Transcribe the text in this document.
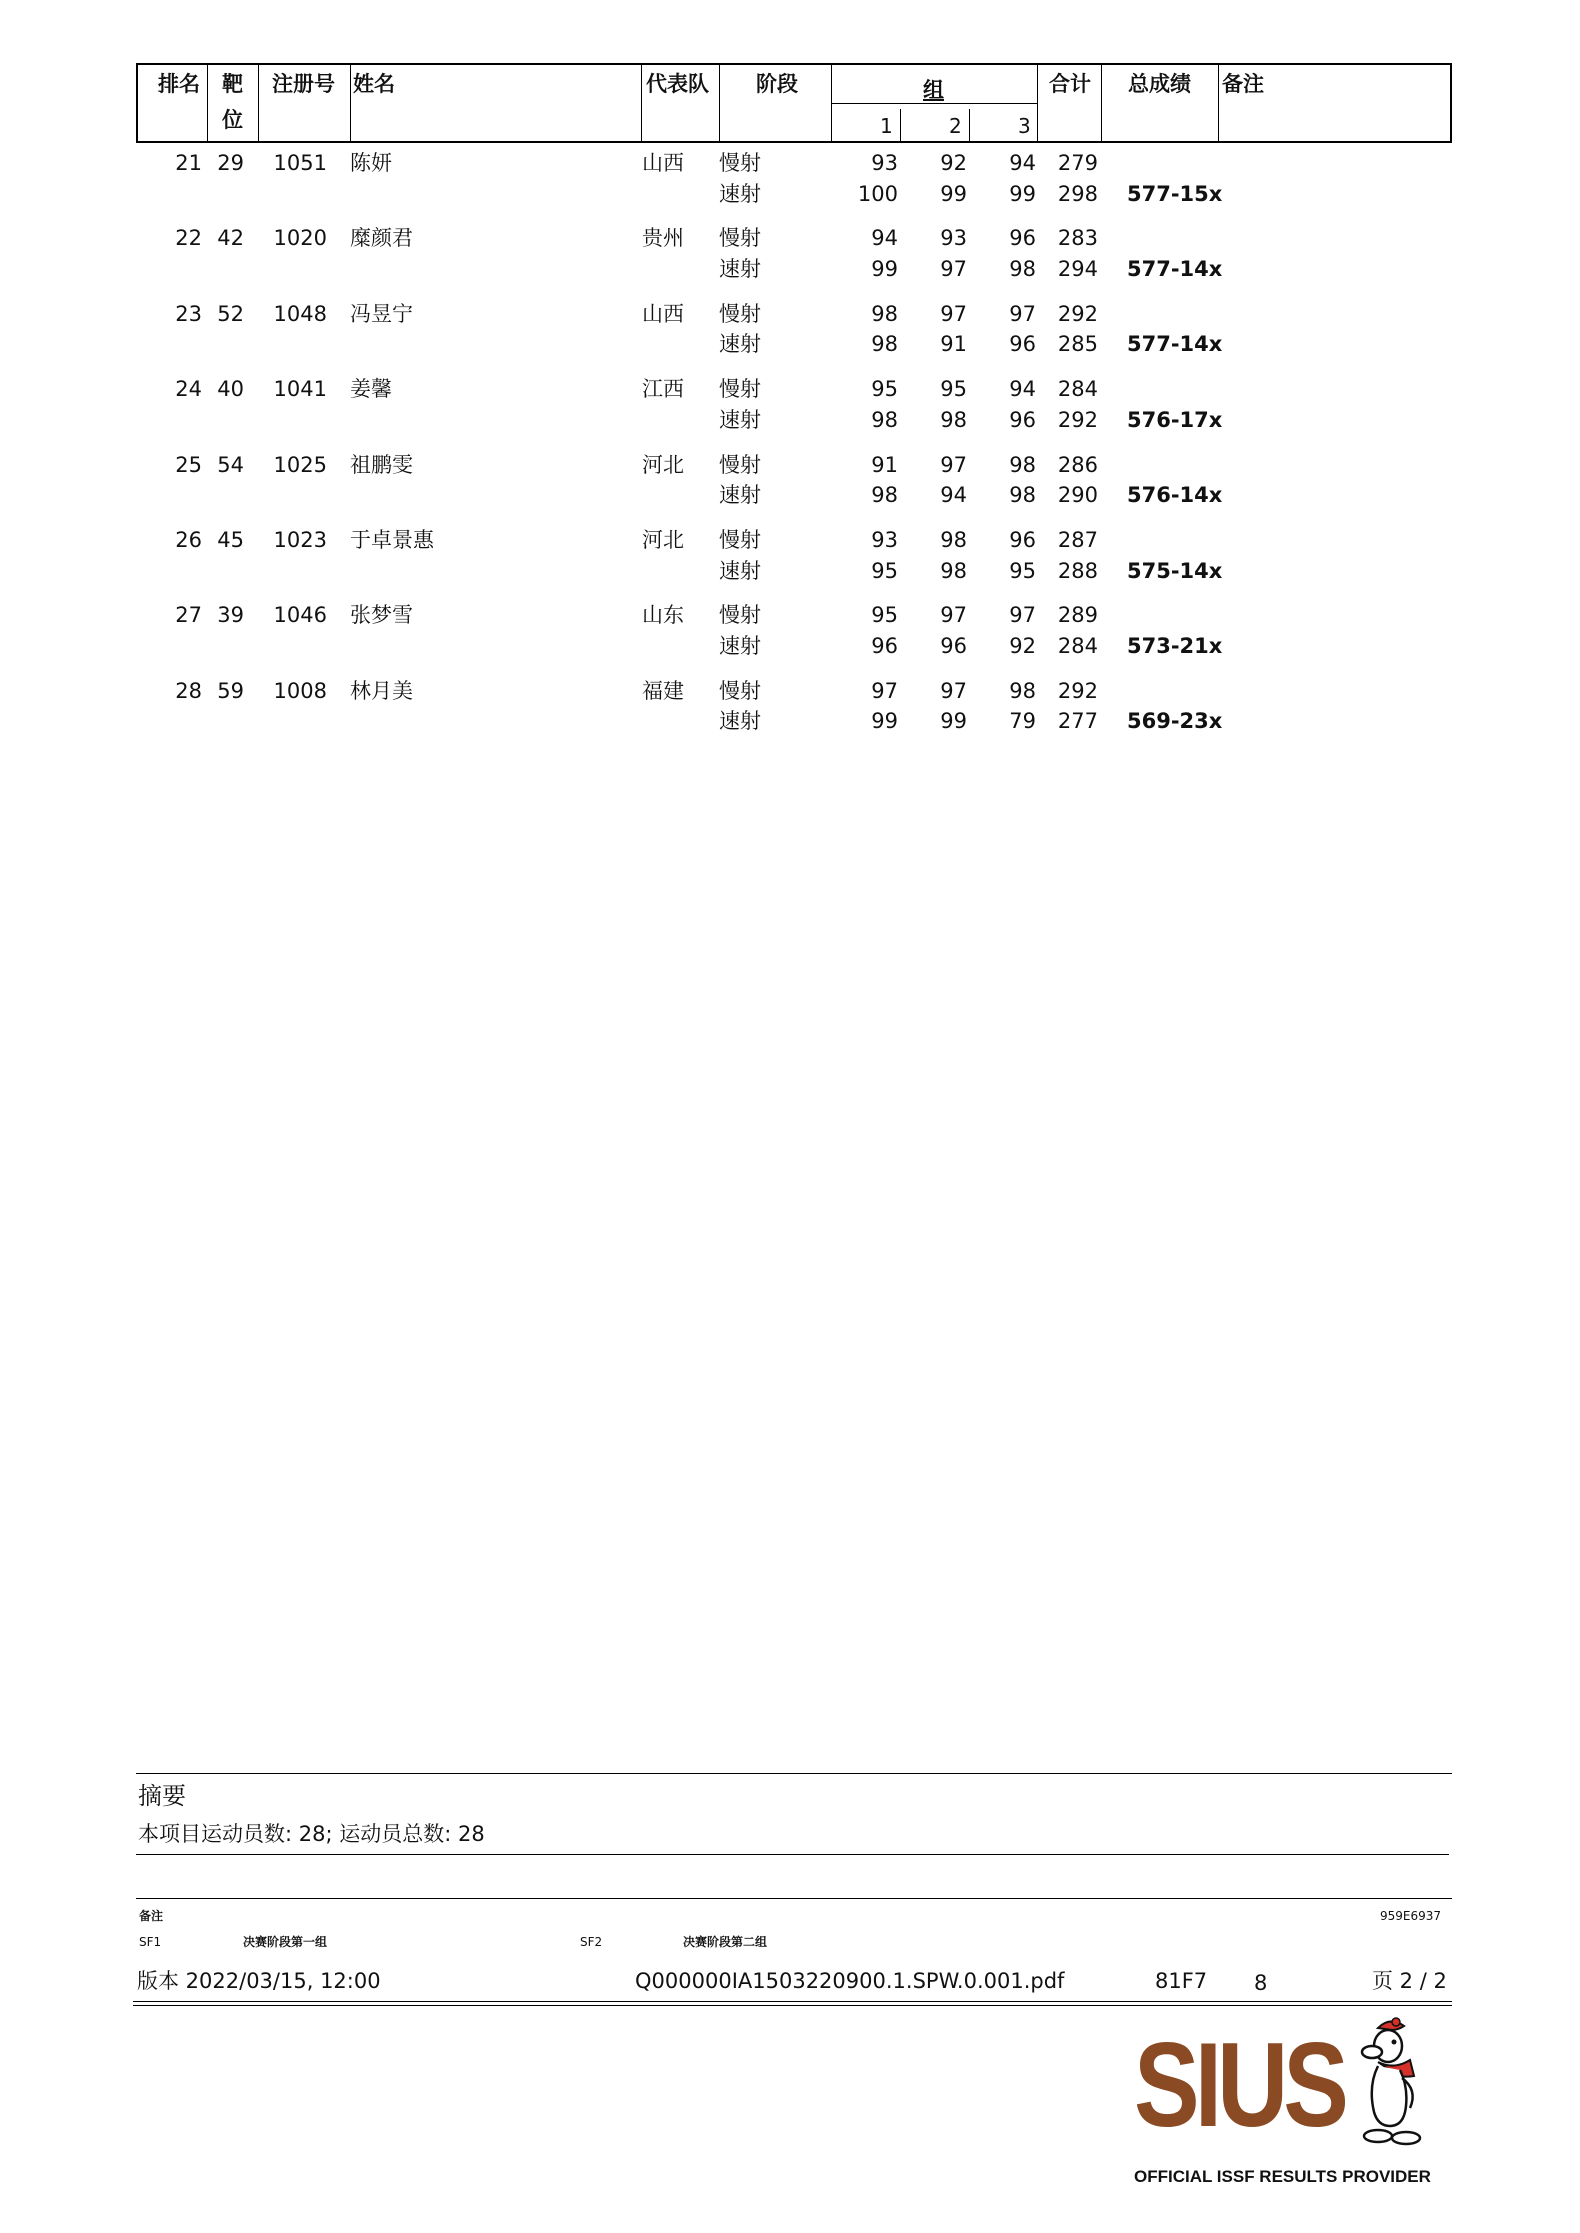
排名 靶
位
注册号 姓名	代表队 阶段	组
1	2	3
合计 总成绩 备注
21 29 1051 陈妍	山西 慢射	93 92 94 279
速射	100 99 99 298 577-15x
22 42 1020 糜颜君	贵州 慢射	94 93 96 283
速射	99 97 98 294 577-14x
23 52 1048 冯昱宁	山西 慢射	98 97 97 292
速射	98 91 96 285 577-14x
24 40 1041 姜馨	江西 慢射	95 95 94 284
速射	98 98 96 292 576-17x
25 54 1025 祖鹏雯	河北 慢射	91 97 98 286
速射	98 94 98 290 576-14x
26 45 1023 于卓景惠	河北 慢射	93 98 96 287
速射	95 98 95 288 575-14x
27 39 1046 张梦雪	山东 慢射	95 97 97 289
速射	96 96 92 284 573-21x
28 59 1008 林月美	福建 慢射	97 97 98 292
速射	99 99 79 277 569-23x
摘要
本项目运动员数: 28; 运动员总数: 28
备注	959E6937
SF1	决赛阶段第一组	SF2	决赛阶段第二组
版本 2022/03/15, 12:00	Q000000IA1503220900.1.SPW.0.001.pdf	81F7 8	页 2 / 2
SIUS
OFFICIAL ISSF RESULTS PROVIDER
